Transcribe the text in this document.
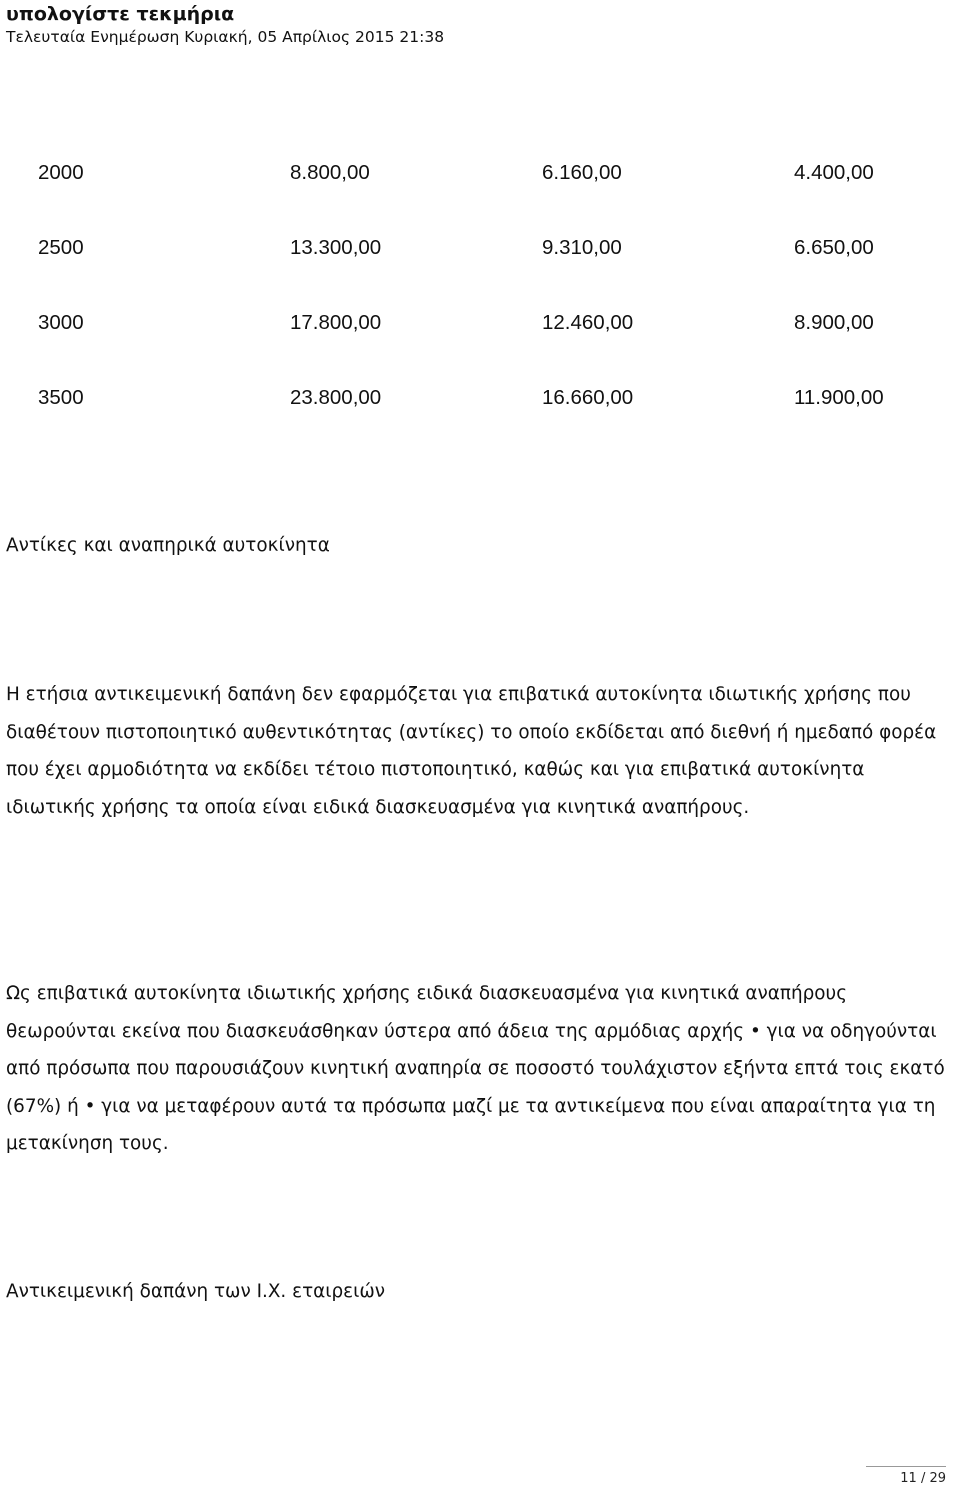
υπολογίστε τεκμήρια
Τελευταία Ενημέρωση Κυριακή, 05 Απρίλιος 2015 21:38
2000	8.800,00	6.160,00	4.400,00
2500	13.300,00	9.310,00	6.650,00
3000	17.800,00	12.460,00	8.900,00
3500	23.800,00	16.660,00	11.900,00

Αντίκες και αναπηρικά αυτοκίνητα

Η ετήσια αντικειμενική δαπάνη δεν εφαρμόζεται για επιβατικά αυτοκίνητα ιδιωτικής χρήσης που διαθέτουν πιστοποιητικό αυθεντικότητας (αντίκες) το οποίο εκδίδεται από διεθνή ή ημεδαπό φορέα που έχει αρμοδιότητα να εκδίδει τέτοιο πιστοποιητικό, καθώς και για επιβατικά αυτοκίνητα ιδιωτικής χρήσης τα οποία είναι ειδικά διασκευασμένα για κινητικά αναπήρους.

Ως επιβατικά αυτοκίνητα ιδιωτικής χρήσης ειδικά διασκευασμένα για κινητικά αναπήρους θεωρούνται εκείνα που διασκευάσθηκαν ύστερα από άδεια της αρμόδιας αρχής • για να οδηγούνται από πρόσωπα που παρουσιάζουν κινητική αναπηρία σε ποσοστό τουλάχιστον εξήντα επτά τοις εκατό (67%) ή • για να μεταφέρουν αυτά τα πρόσωπα μαζί με τα αντικείμενα που είναι απαραίτητα για τη μετακίνηση τους.

Αντικειμενική δαπάνη των Ι.Χ. εταιρειών

11 / 29
